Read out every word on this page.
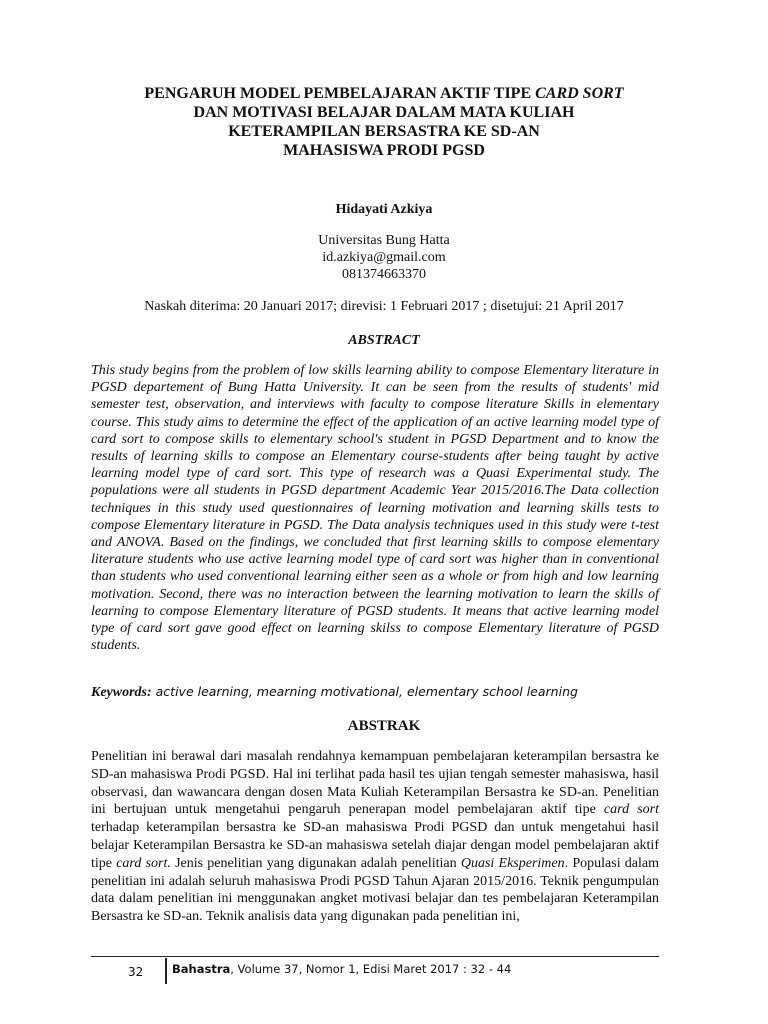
PENGARUH MODEL PEMBELAJARAN AKTIF TIPE CARD SORT
DAN MOTIVASI BELAJAR DALAM MATA KULIAH
KETERAMPILAN BERSASTRA KE SD-AN
MAHASISWA PRODI PGSD
Hidayati Azkiya
Universitas Bung Hatta
id.azkiya@gmail.com
081374663370
Naskah diterima: 20 Januari 2017; direvisi: 1 Februari 2017 ; disetujui: 21 April 2017
ABSTRACT
This study begins from the problem of low skills learning ability to compose Elementary literature in PGSD departement of Bung Hatta University. It can be seen from the results of students' mid semester test, observation, and interviews with faculty to compose literature Skills in elementary course. This study aims to determine the effect of the application of an active learning model type of card sort to compose skills to elementary school's student in PGSD Department and to know the results of learning skills to compose an Elementary course-students after being taught by active learning model type of card sort. This type of research was a Quasi Experimental study. The populations were all students in PGSD department Academic Year 2015/2016.The Data collection techniques in this study used questionnaires of learning motivation and learning skills tests to compose Elementary literature in PGSD. The Data analysis techniques used in this study were t-test and ANOVA. Based on the findings, we concluded that first learning skills to compose elementary literature students who use active learning model type of card sort was higher than in conventional than students who used conventional learning either seen as a whole or from high and low learning motivation. Second, there was no interaction between the learning motivation to learn the skills of learning to compose Elementary literature of PGSD students. It means that active learning model type of card sort gave good effect on learning skilss to compose Elementary literature of PGSD students.
Keywords: active learning, mearning motivational, elementary school learning
ABSTRAK
Penelitian ini berawal dari masalah rendahnya kemampuan pembelajaran keterampilan bersastra ke SD-an mahasiswa Prodi PGSD. Hal ini terlihat pada hasil tes ujian tengah semester mahasiswa, hasil observasi, dan wawancara dengan dosen Mata Kuliah Keterampilan Bersastra ke SD-an. Penelitian ini bertujuan untuk mengetahui pengaruh penerapan model pembelajaran aktif tipe card sort terhadap keterampilan bersastra ke SD-an mahasiswa Prodi PGSD dan untuk mengetahui hasil belajar Keterampilan Bersastra ke SD-an mahasiswa setelah diajar dengan model pembelajaran aktif tipe card sort. Jenis penelitian yang digunakan adalah penelitian Quasi Eksperimen. Populasi dalam penelitian ini adalah seluruh mahasiswa Prodi PGSD Tahun Ajaran 2015/2016. Teknik pengumpulan data dalam penelitian ini menggunakan angket motivasi belajar dan tes pembelajaran Keterampilan Bersastra ke SD-an. Teknik analisis data yang digunakan pada penelitian ini,
32 Bahastra, Volume 37, Nomor 1, Edisi Maret 2017 : 32 - 44
